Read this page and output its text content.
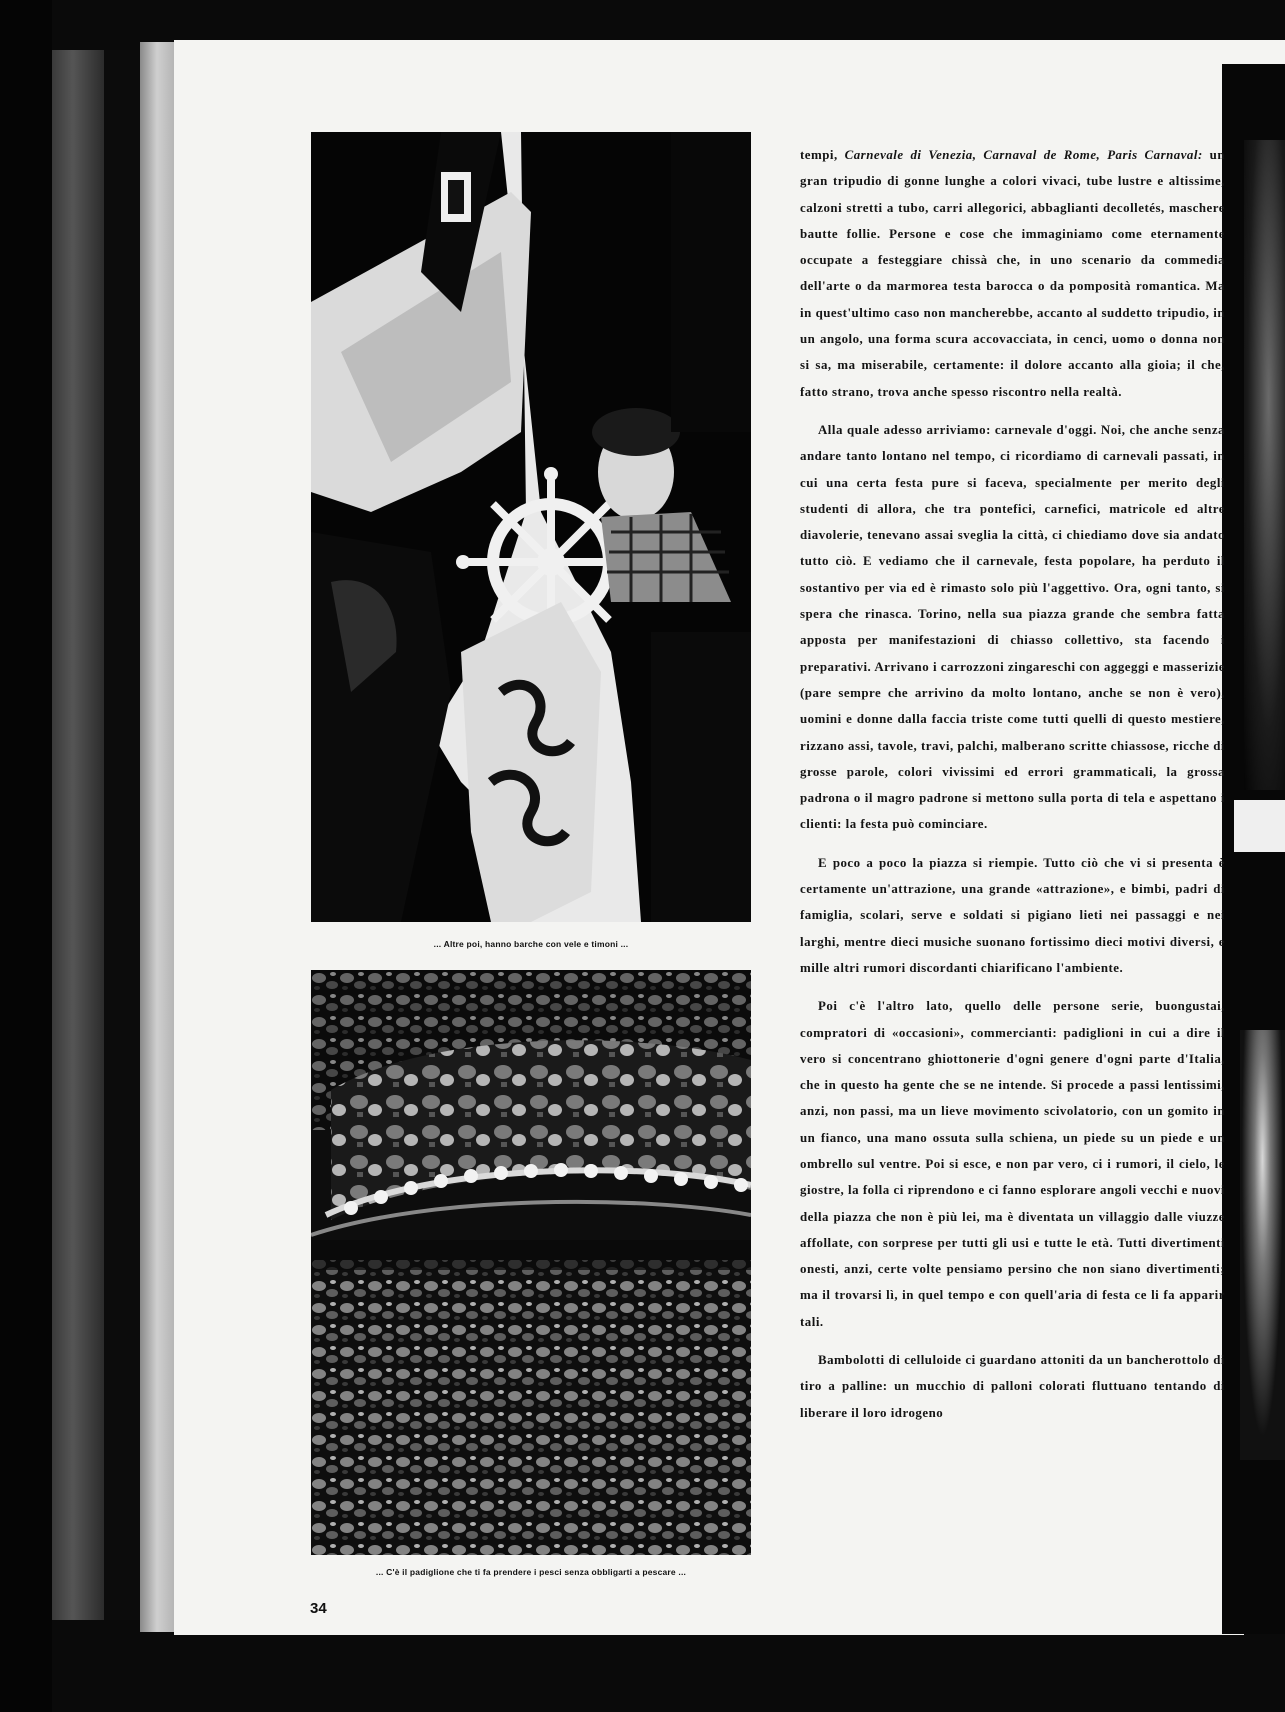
... Altre poi, hanno barche con vele e timoni ...
... C'è il padiglione che ti fa prendere i pesci senza obbligarti a pescare ...
34

tempi, Carnevale di Venezia, Carnaval de Rome, Paris Carnaval: un gran tripudio di gonne lunghe a colori vivaci, tube lustre e altissime, calzoni stretti a tubo, carri allegorici, abbaglianti decolletés, maschere bautte follie. Persone e cose che immaginiamo come eternamente occupate a festeggiare chissà che, in uno scenario da commedia dell'arte o da marmorea testa barocca o da pomposità romantica. Ma in quest'ultimo caso non mancherebbe, accanto al suddetto tripudio, in un angolo, una forma scura accovacciata, in cenci, uomo o donna non si sa, ma miserabile, certamente: il dolore accanto alla gioia; il che, fatto strano, trova anche spesso riscontro nella realtà.

Alla quale adesso arriviamo: carnevale d'oggi. Noi, che anche senza andare tanto lontano nel tempo, ci ricordiamo di carnevali passati, in cui una certa festa pure si faceva, specialmente per merito degli studenti di allora, che tra pontefici, carnefici, matricole ed altre diavolerie, tenevano assai sveglia la città, ci chiediamo dove sia andato tutto ciò. E vediamo che il carnevale, festa popolare, ha perduto il sostantivo per via ed è rimasto solo più l'aggettivo. Ora, ogni tanto, si spera che rinasca. Torino, nella sua piazza grande che sembra fatta apposta per manifestazioni di chiasso collettivo, sta facendo i preparativi. Arrivano i carrozzoni zingareschi con aggeggi e masserizie (pare sempre che arrivino da molto lontano, anche se non è vero), uomini e donne dalla faccia triste come tutti quelli di questo mestiere, rizzano assi, tavole, travi, palchi, malberano scritte chiassose, ricche di grosse parole, colori vivissimi ed errori grammaticali, la grossa padrona o il magro padrone si mettono sulla porta di tela e aspettano i clienti: la festa può cominciare.

E poco a poco la piazza si riempie. Tutto ciò che vi si presenta è certamente un'attrazione, una grande «attrazione», e bimbi, padri di famiglia, scolari, serve e soldati si pigiano lieti nei passaggi e nei larghi, mentre dieci musiche suonano fortissimo dieci motivi diversi, e mille altri rumori discordanti chiarificano l'ambiente.

Poi c'è l'altro lato, quello delle persone serie, buongustai, compratori di «occasioni», commercianti: padiglioni in cui a dire il vero si concentrano ghiottonerie d'ogni genere d'ogni parte d'Italia, che in questo ha gente che se ne intende. Si procede a passi lentissimi, anzi, non passi, ma un lieve movimento scivolatorio, con un gomito in un fianco, una mano ossuta sulla schiena, un piede su un piede e un ombrello sul ventre. Poi si esce, e non par vero, ci i rumori, il cielo, le giostre, la folla ci riprendono e ci fanno esplorare angoli vecchi e nuovi della piazza che non è più lei, ma è diventata un villaggio dalle viuzze affollate, con sorprese per tutti gli usi e tutte le età. Tutti divertimenti onesti, anzi, certe volte pensiamo persino che non siano divertimenti; ma il trovarsi lì, in quel tempo e con quell'aria di festa ce li fa apparir tali.

Bambolotti di celluloide ci guardano attoniti da un bancherottolo di tiro a palline: un mucchio di palloni colorati fluttuano tentando di liberare il loro idrogeno
